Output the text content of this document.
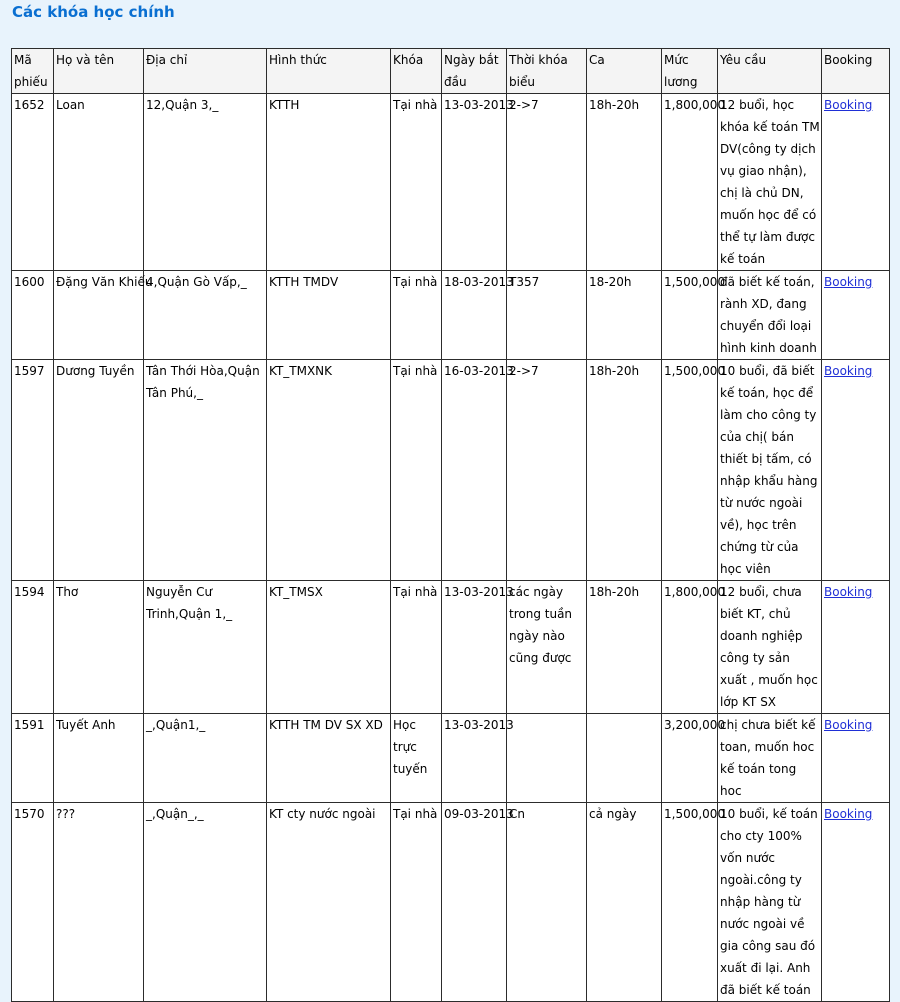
Các khóa học chính
Mã phiếu	Họ và tên	Địa chỉ	Hình thức	Khóa	Ngày bắt đầu	Thời khóa biểu	Ca	Mức lương	Yêu cầu	Booking
1652	Loan	12,Quận 3,_	KTTH	Tại nhà	13-03-2013	2->7	18h-20h	1,800,000	12 buổi, học khóa kế toán TM DV(công ty dịch vụ giao nhận), chị là chủ DN, muốn học để có thể tự làm được kế toán	Booking
1600	Đặng Văn Khiếu	4,Quận Gò Vấp,_	KTTH TMDV	Tại nhà	18-03-2013	T357	18-20h	1,500,000	đã biết kế toán, rành XD, đang chuyển đổi loại hình kinh doanh	Booking
1597	Dương Tuyền	Tân Thới Hòa,Quận Tân Phú,_	KT_TMXNK	Tại nhà	16-03-2013	2->7	18h-20h	1,500,000	10 buổi, đã biết kế toán, học để làm cho công ty của chị( bán thiết bị tấm, có nhập khẩu hàng từ nước ngoài về), học trên chứng từ của học viên	Booking
1594	Thơ	Nguyễn Cư Trinh,Quận 1,_	KT_TMSX	Tại nhà	13-03-2013	các ngày trong tuần ngày nào cũng được	18h-20h	1,800,000	12 buổi, chưa biết KT, chủ doanh nghiệp công ty sản xuất , muốn học lớp KT SX	Booking
1591	Tuyết Anh	_,Quận1,_	KTTH TM DV SX XD	Học trực tuyến	13-03-2013			3,200,000	chị chưa biết kế toan, muốn hoc kế toán tong hoc	Booking
1570	???	_,Quận_,_	KT cty nước ngoài	Tại nhà	09-03-2013	Cn	cả ngày	1,500,000	10 buổi, kế toán cho cty 100% vốn nước ngoài.công ty nhập hàng từ nước ngoài về gia công sau đó xuất đi lại. Anh đã biết kế toán	Booking
